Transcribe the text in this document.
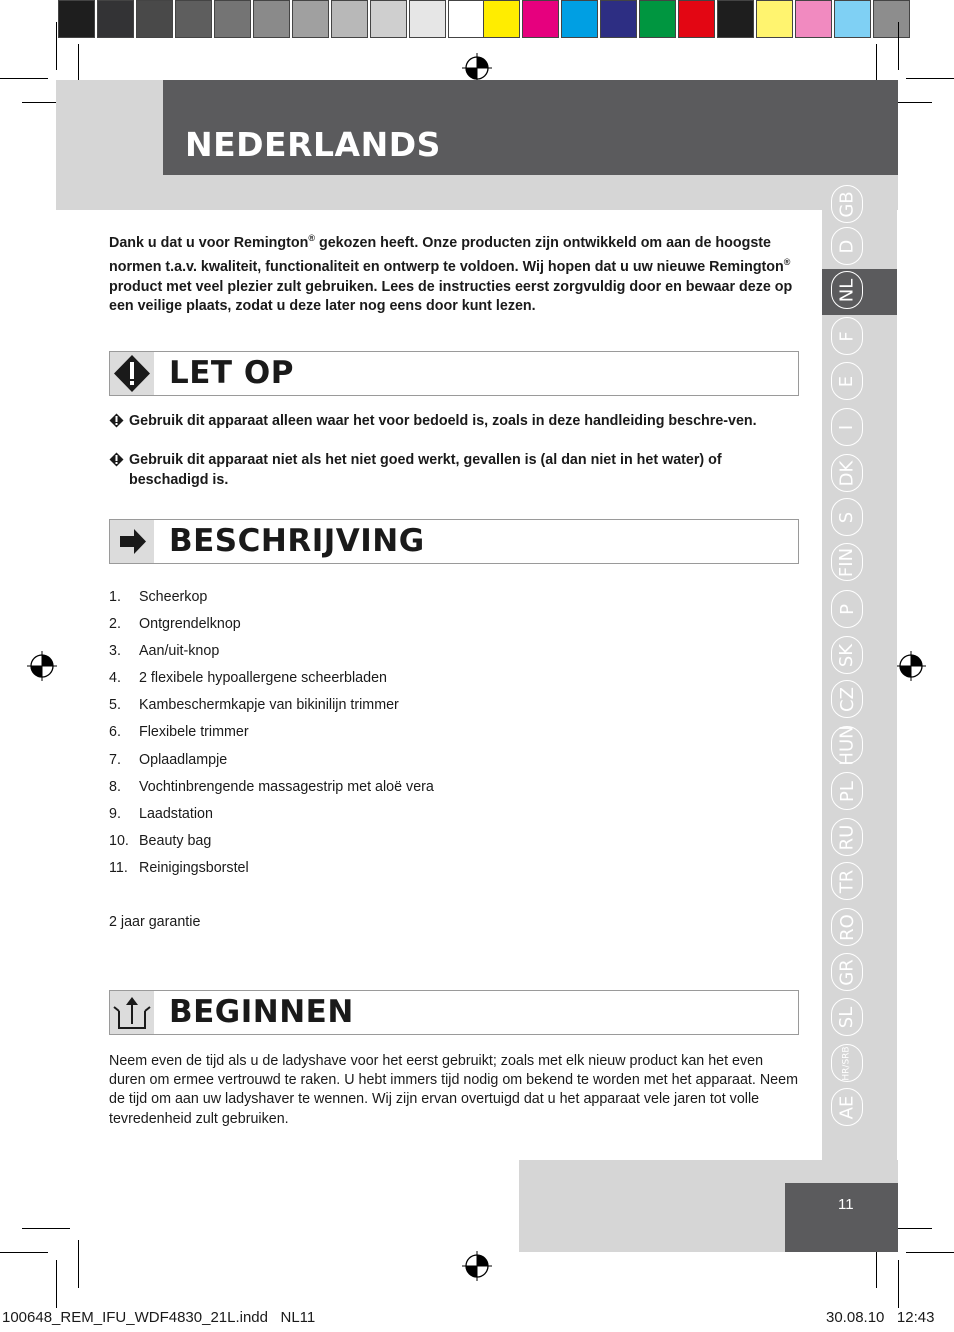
NEDERLANDS
GB
D
NL
F
E
I
DK
S
FIN
P
SK
CZ
HUN
PL
RU
TR
RO
GR
SL
HR/SRB
AE
Dank u dat u voor Remington® gekozen heeft. Onze producten zijn ontwikkeld om aan de hoogste normen t.a.v. kwaliteit, functionaliteit en ontwerp te voldoen. Wij hopen dat u uw nieuwe Remington® product met veel plezier zult gebruiken. Lees de instructies eerst zorgvuldig door en bewaar deze op een veilige plaats, zodat u deze later nog eens door kunt lezen.
LET OP
Gebruik dit apparaat alleen waar het voor bedoeld is, zoals in deze handleiding beschre-ven.
Gebruik dit apparaat niet als het niet goed werkt, gevallen is (al dan niet in het water) of beschadigd is.
BESCHRIJVING
1. Scheerkop
2. Ontgrendelknop
3. Aan/uit-knop
4. 2 flexibele hypoallergene scheerbladen
5. Kambeschermkapje van bikinilijn trimmer
6. Flexibele trimmer
7. Oplaadlampje
8. Vochtinbrengende massagestrip met aloë vera
9. Laadstation
10. Beauty bag
11. Reinigingsborstel
2 jaar garantie
BEGINNEN
Neem even de tijd als u de ladyshave voor het eerst gebruikt; zoals met elk nieuw product kan het even duren om ermee vertrouwd te raken. U hebt immers tijd nodig om bekend te worden met het apparaat. Neem de tijd om aan uw ladyshaver te wennen. Wij zijn ervan overtuigd dat u het apparaat vele jaren tot volle tevredenheid zult gebruiken.
11
100648_REM_IFU_WDF4830_21L.indd   NL11	30.08.10   12:43
